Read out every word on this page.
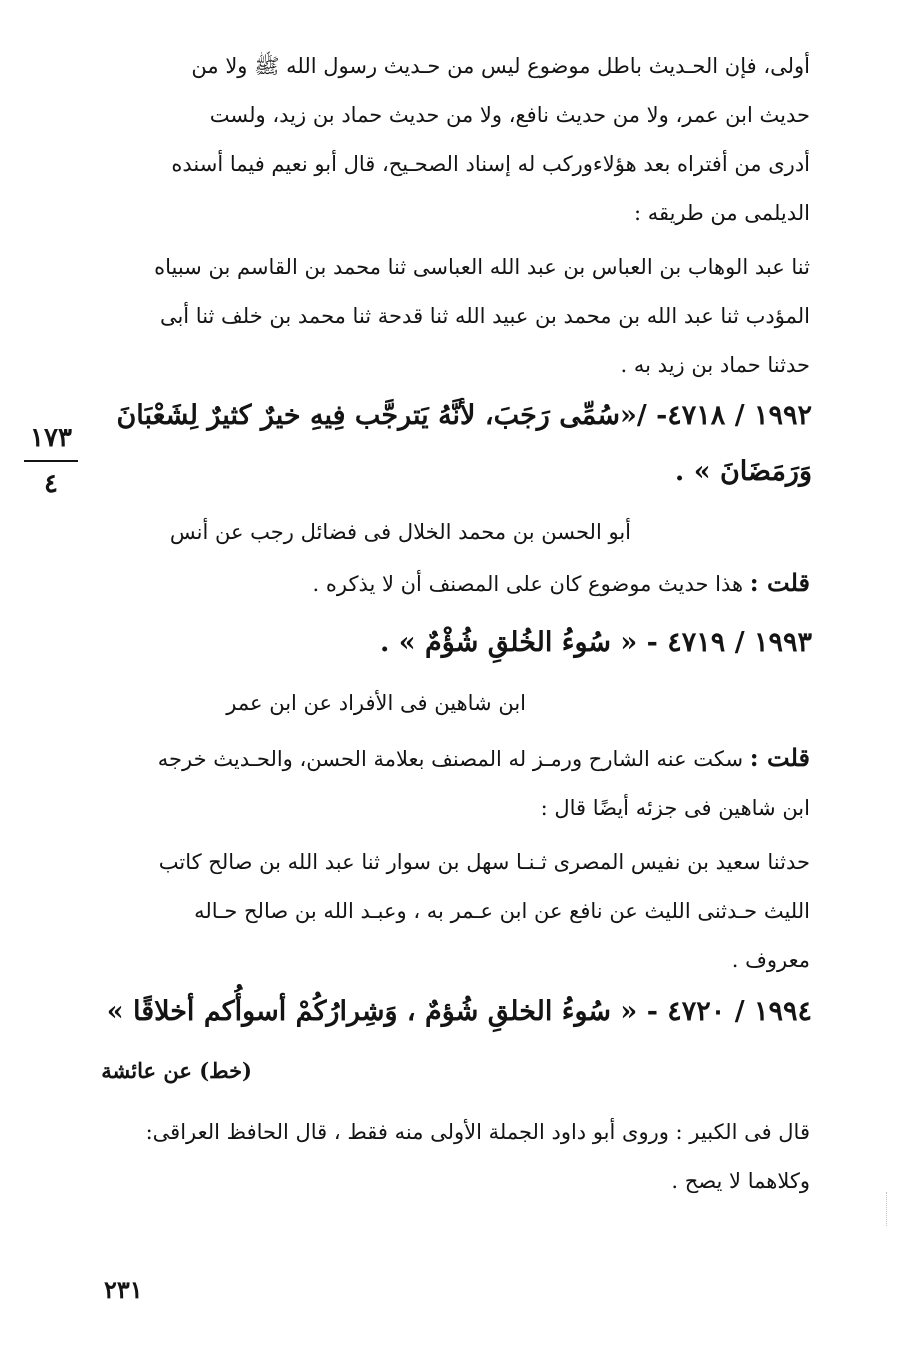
أولى، فإن الحـديث باطل موضوع ليس من حـديث رسول الله ﷺ ولا من
حديث ابن عمر، ولا من حديث نافع، ولا من حديث حماد بن زيد، ولست
أدرى من أفتراه بعد هؤلاءوركب له إسناد الصحـيح، قال أبو نعيم فيما أسنده
الديلمى من طريقه :
ثنا عبد الوهاب بن العباس بن عبد الله العباسى ثنا محمد بن القاسم بن سبياه
المؤدب ثنا عبد الله بن محمد بن عبيد الله ثنا قدحة ثنا محمد بن خلف ثنا أبى
حدثنا حماد بن زيد به .
١٩٩٢ / ٤٧١٨- /«سُمِّى رَجَبَ، لأنَّهُ يَترجَّب فِيهِ خيرٌ كثيرٌ لِشَعْبَانَ
وَرَمَضَانَ » .
١٧٣
٤
أبو الحسن بن محمد الخلال فى فضائل رجب عن أنس
قلت : هذا حديث موضوع كان على المصنف أن لا يذكره .
١٩٩٣ / ٤٧١٩ - « سُوءُ الخُلقِ شُؤْمٌ » .
ابن شاهين فى الأفراد عن ابن عمر
قلت : سكت عنه الشارح ورمـز له المصنف بعلامة الحسن، والحـديث خرجه
ابن شاهين فى جزئه أيضًا قال :
حدثنا سعيد بن نفيس المصرى ثـنـا سهل بن سوار ثنا عبد الله بن صالح كاتب
الليث حـدثنى الليث عن نافع عن ابن عـمر به ، وعبـد الله بن صالح حـاله
معروف .
١٩٩٤ / ٤٧٢٠ - « سُوءُ الخلقِ شُؤمٌ ، وَشِرارُكُمْ أسوأُكم أخلاقًا »
(خط) عن عائشة
قال فى الكبير : وروى أبو داود الجملة الأولى منه فقط ، قال الحافظ العراقى:
وكلاهما لا يصح .
٢٣١
